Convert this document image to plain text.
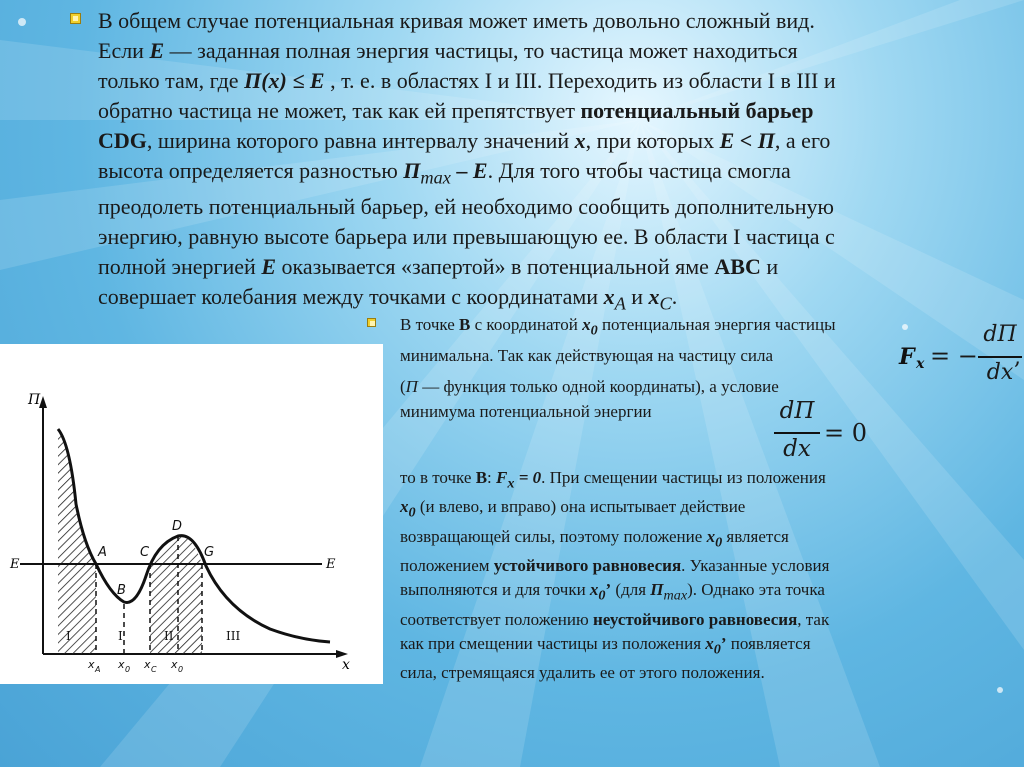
В общем случае потенциальная кривая может иметь довольно сложный вид.
Если E — заданная полная энергия частицы, то частица может находиться
только там, где П(x) ≤ E , т. е. в областях I и III. Переходить из области I в III и
обратно частица не может, так как ей препятствует потенциальный барьер
CDG, ширина которого равна интервалу значений x, при которых E < П, а его
высота определяется разностью $П_{max}$ – E. Для того чтобы частица смогла
преодолеть потенциальный барьер, ей необходимо сообщить дополнительную
энергию, равную высоте барьера или превышающую ее. В области I частица с
полной энергией E оказывается «запертой» в потенциальной яме ABC и
совершает колебания между точками с координатами $x_A$ и $x_C$.
В точке B с координатой $x_0$ потенциальная энергия частицы
минимальна. Так как действующая на частицу сила
(П — функция только одной координаты), а условие
минимума потенциальной энергии
F x = −
dП
dx
,
dП
dx
= 0
то в точке B: $F_x = 0$. При смещении частицы из положения
$x_0$ (и влево, и вправо) она испытывает действие
возвращающей силы, поэтому положение $x_0$ является
положением устойчивого равновесия. Указанные условия
выполняются и для точки $x_0$’ (для $П_{max}$). Однако эта точка
соответствует положению неустойчивого равновесия, так
как при смещении частицы из положения $x_0$’ появляется
сила, стремящаяся удалить ее от этого положения.
П
x
E	E
A
B
C
D
G
I	I	II	III
x A x 0 x C x 0
